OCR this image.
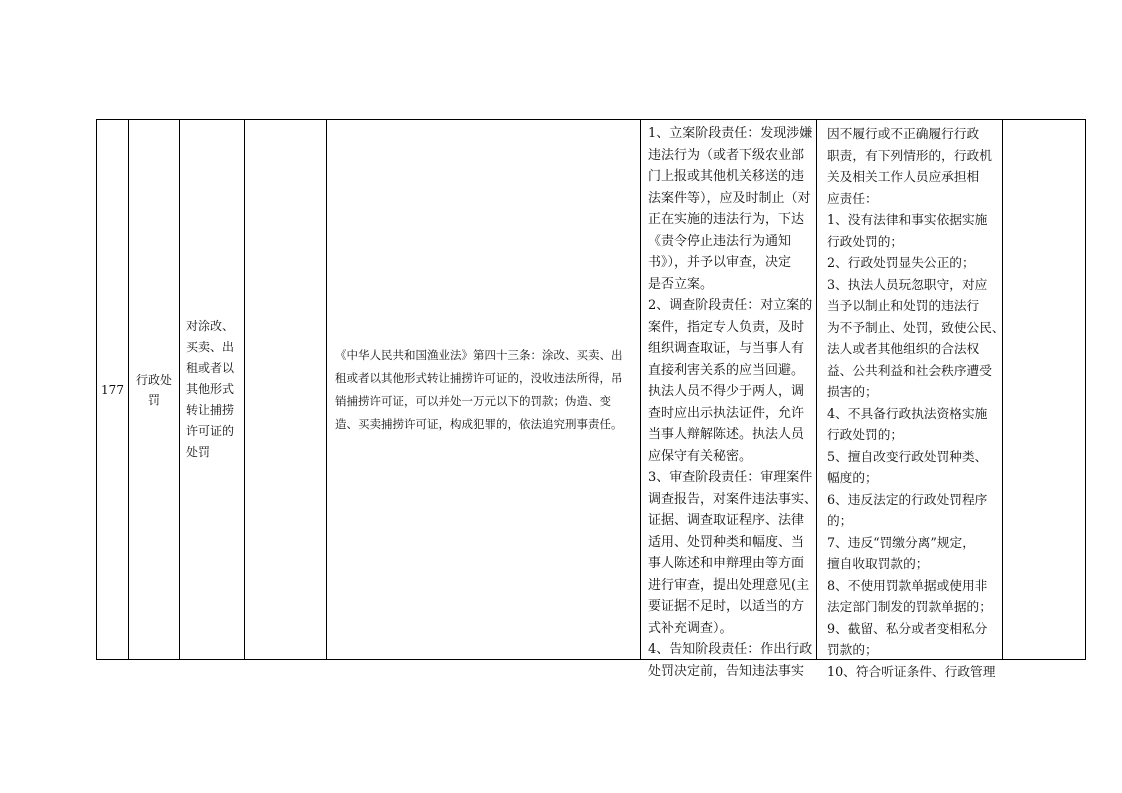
177
行政处罚
对涂改、买卖、出租或者以其他形式转让捕捞许可证的处罚
《中华人民共和国渔业法》第四十三条：涂改、买卖、出租或者以其他形式转让捕捞许可证的，没收违法所得，吊销捕捞许可证，可以并处一万元以下的罚款；伪造、变造、买卖捕捞许可证，构成犯罪的，依法追究刑事责任。
1、立案阶段责任：发现涉嫌
违法行为（或者下级农业部
门上报或其他机关移送的违
法案件等），应及时制止（对
正在实施的违法行为，下达
《责令停止违法行为通知
书》），并予以审查，决定
是否立案。
2、调查阶段责任：对立案的
案件，指定专人负责，及时
组织调查取证，与当事人有
直接利害关系的应当回避。
执法人员不得少于两人，调
查时应出示执法证件，允许
当事人辩解陈述。执法人员
应保守有关秘密。
3、审查阶段责任：审理案件
调查报告，对案件违法事实、
证据、调查取证程序、法律
适用、处罚种类和幅度、当
事人陈述和申辩理由等方面
进行审查，提出处理意见(主
要证据不足时，以适当的方
式补充调查）。
4、告知阶段责任：作出行政
处罚决定前，告知违法事实
因不履行或不正确履行行政
职责，有下列情形的，行政机
关及相关工作人员应承担相
应责任：
1、没有法律和事实依据实施
行政处罚的；
2、行政处罚显失公正的；
3、执法人员玩忽职守，对应
当予以制止和处罚的违法行
为不予制止、处罚，致使公民、
法人或者其他组织的合法权
益、公共利益和社会秩序遭受
损害的；
4、不具备行政执法资格实施
行政处罚的；
5、擅自改变行政处罚种类、
幅度的；
6、违反法定的行政处罚程序
的；
7、违反“罚缴分离”规定，
擅自收取罚款的；
8、不使用罚款单据或使用非
法定部门制发的罚款单据的；
9、截留、私分或者变相私分
罚款的；
10、符合听证条件、行政管理
